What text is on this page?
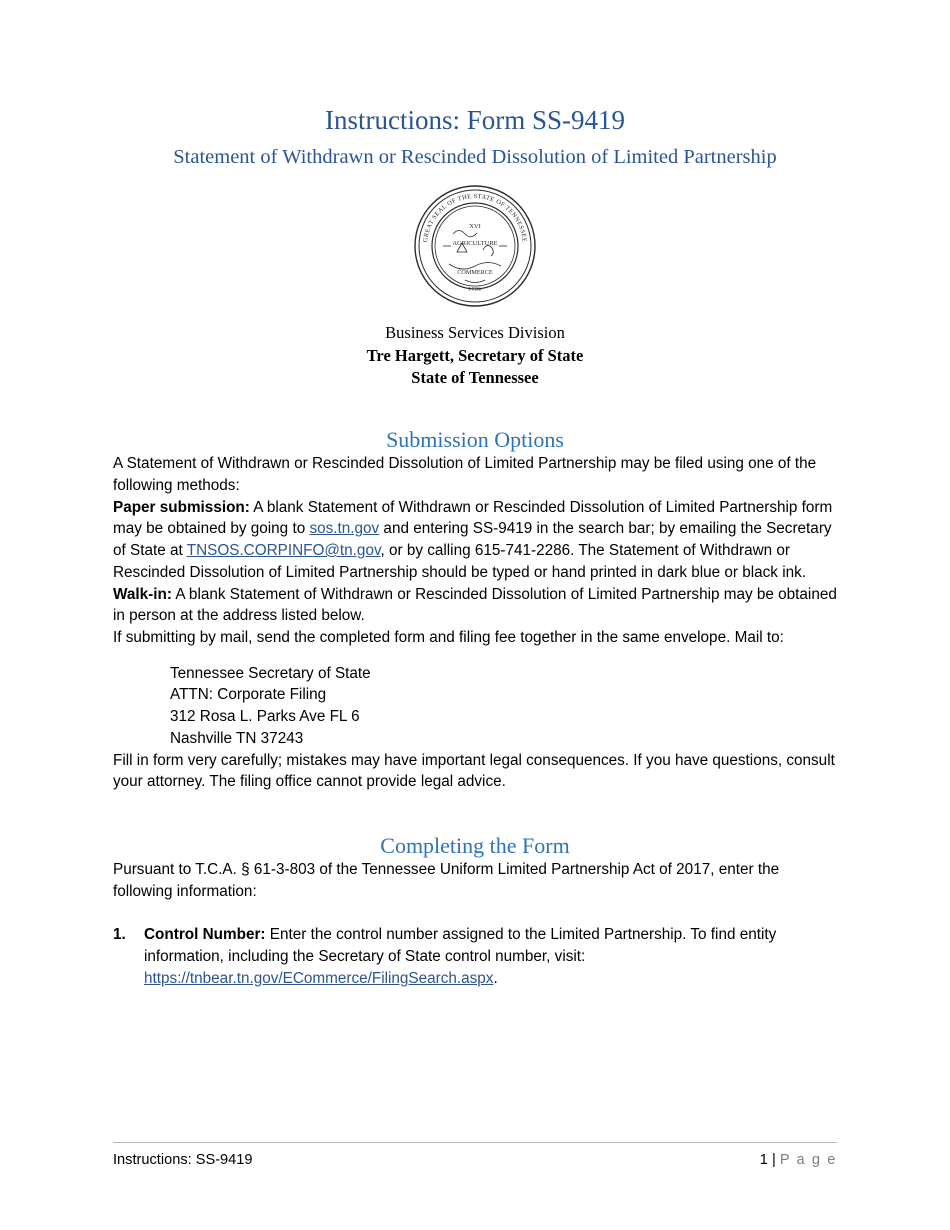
Instructions: Form SS-9419
Statement of Withdrawn or Rescinded Dissolution of Limited Partnership
GREAT SEAL OF THE STATE OF TENNESSEE
1796
XVI
AGRICULTURE
COMMERCE
Business Services Division
Tre Hargett, Secretary of State
State of Tennessee
Submission Options

A Statement of Withdrawn or Rescinded Dissolution of Limited Partnership may be filed using one of the following methods:

Paper submission: A blank Statement of Withdrawn or Rescinded Dissolution of Limited Partnership form may be obtained by going to sos.tn.gov and entering SS-9419 in the search bar; by emailing the Secretary of State at TNSOS.CORPINFO@tn.gov, or by calling 615-741-2286. The Statement of Withdrawn or Rescinded Dissolution of Limited Partnership should be typed or hand printed in dark blue or black ink.

Walk-in: A blank Statement of Withdrawn or Rescinded Dissolution of Limited Partnership may be obtained in person at the address listed below.

If submitting by mail, send the completed form and filing fee together in the same envelope. Mail to:

Tennessee Secretary of State
ATTN: Corporate Filing
312 Rosa L. Parks Ave FL 6
Nashville TN 37243

Fill in form very carefully; mistakes may have important legal consequences. If you have questions, consult your attorney. The filing office cannot provide legal advice.

Completing the Form

Pursuant to T.C.A. § 61-3-803 of the Tennessee Uniform Limited Partnership Act of 2017, enter the following information:

1. Control Number: Enter the control number assigned to the Limited Partnership. To find entity information, including the Secretary of State control number, visit: https://tnbear.tn.gov/ECommerce/FilingSearch.aspx.
Instructions: SS-9419	1 | P a g e
